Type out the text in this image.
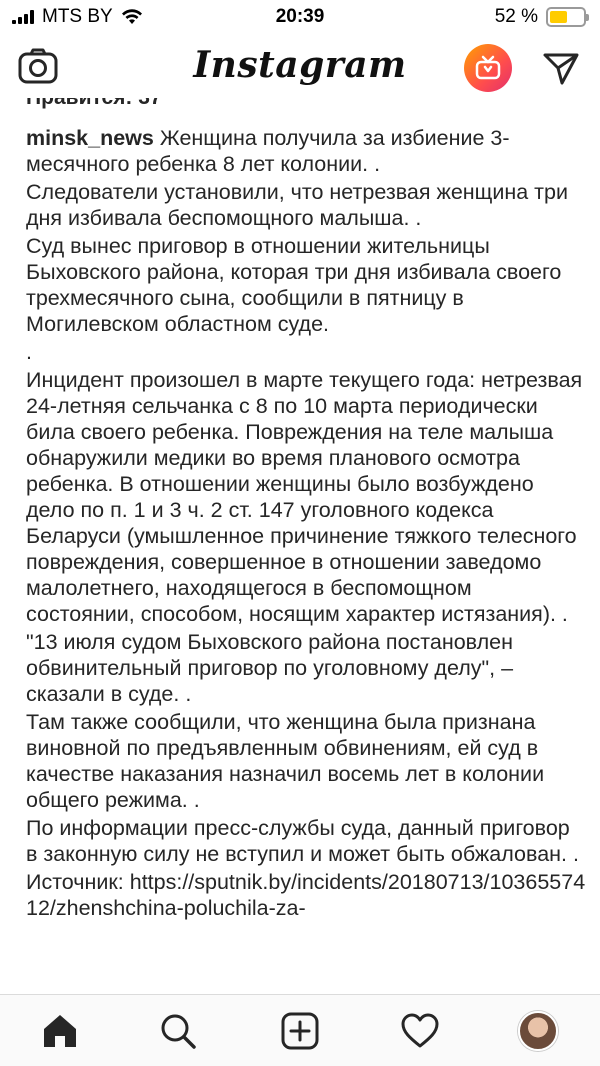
MTS BY	20:39	52 %
Instagram

minsk_news Женщина получила за избиение 3-месячного ребенка 8 лет колонии. .

Следователи установили, что нетрезвая женщина три дня избивала беспомощного малыша. .

Суд вынес приговор в отношении жительницы Быховского района, которая три дня избивала своего трехмесячного сына, сообщили в пятницу в Могилевском областном суде.

.

Инцидент произошел в марте текущего года: нетрезвая 24-летняя сельчанка с 8 по 10 марта периодически била своего ребенка. Повреждения на теле малыша обнаружили медики во время планового осмотра ребенка. В отношении женщины было возбуждено дело по п. 1 и 3 ч. 2 ст. 147 уголовного кодекса Беларуси (умышленное причинение тяжкого телесного повреждения, совершенное в отношении заведомо малолетнего, находящегося в беспомощном состоянии, способом, носящим характер истязания). .

"13 июля судом Быховского района постановлен обвинительный приговор по уголовному делу", – сказали в суде. .

Там также сообщили, что женщина была признана виновной по предъявленным обвинениям, ей суд в качестве наказания назначил восемь лет в колонии общего режима. .

По информации пресс-службы суда, данный приговор в законную силу не вступил и может быть обжалован. .

Источник: https://sputnik.by/incidents/20180713/1036557412/zhenshchina-poluchila-za-
